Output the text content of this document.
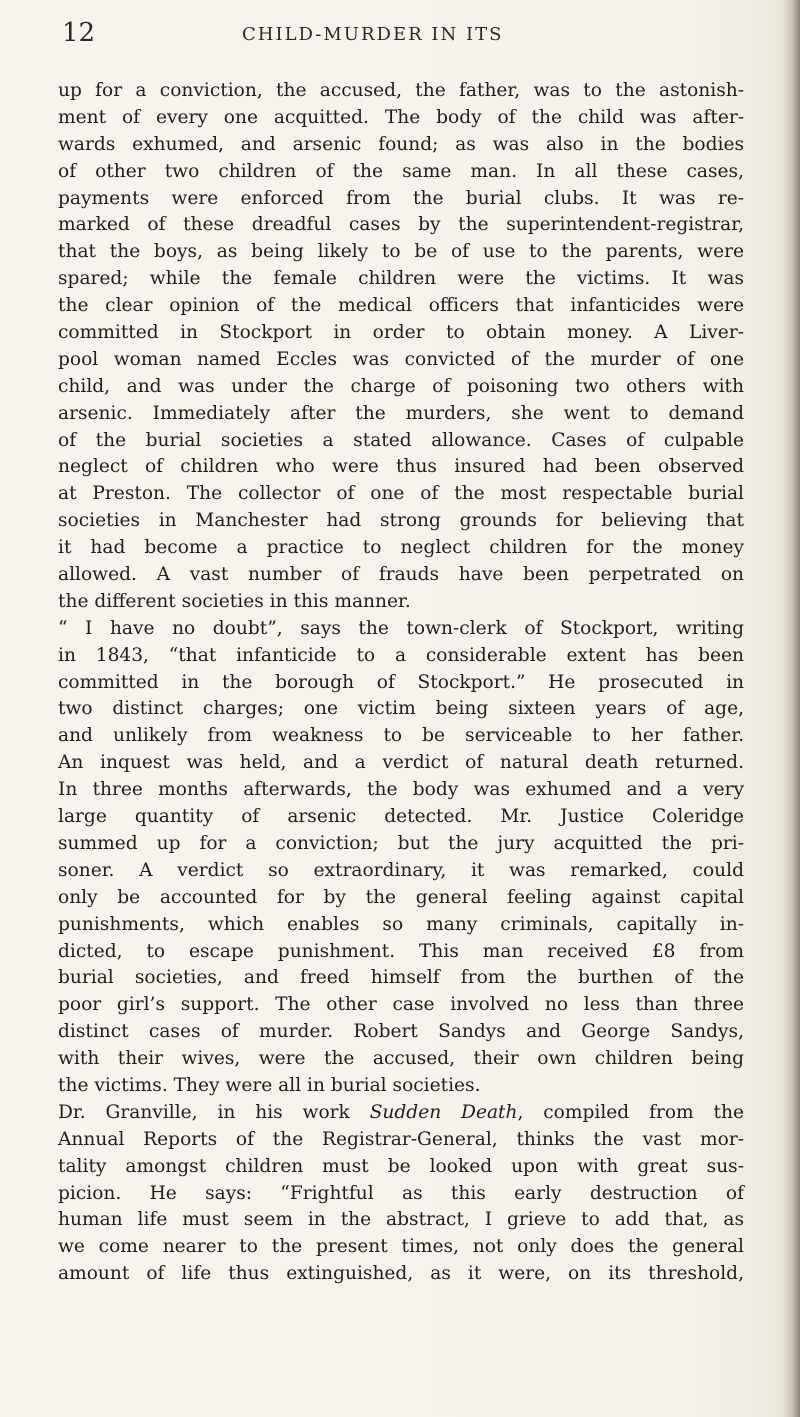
12	CHILD-MURDER IN ITS
up for a conviction, the accused, the father, was to the astonish-
ment of every one acquitted. The body of the child was after-
wards exhumed, and arsenic found; as was also in the bodies
of other two children of the same man. In all these cases,
payments were enforced from the burial clubs. It was re-
marked of these dreadful cases by the superintendent-registrar,
that the boys, as being likely to be of use to the parents, were
spared; while the female children were the victims. It was
the clear opinion of the medical officers that infanticides were
committed in Stockport in order to obtain money. A Liver-
pool woman named Eccles was convicted of the murder of one
child, and was under the charge of poisoning two others with
arsenic. Immediately after the murders, she went to demand
of the burial societies a stated allowance. Cases of culpable
neglect of children who were thus insured had been observed
at Preston. The collector of one of the most respectable burial
societies in Manchester had strong grounds for believing that
it had become a practice to neglect children for the money
allowed. A vast number of frauds have been perpetrated on
the different societies in this manner.
“ I have no doubt”, says the town-clerk of Stockport, writing
in 1843, “that infanticide to a considerable extent has been
committed in the borough of Stockport.” He prosecuted in
two distinct charges; one victim being sixteen years of age,
and unlikely from weakness to be serviceable to her father.
An inquest was held, and a verdict of natural death returned.
In three months afterwards, the body was exhumed and a very
large quantity of arsenic detected. Mr. Justice Coleridge
summed up for a conviction; but the jury acquitted the pri-
soner. A verdict so extraordinary, it was remarked, could
only be accounted for by the general feeling against capital
punishments, which enables so many criminals, capitally in-
dicted, to escape punishment. This man received £8 from
burial societies, and freed himself from the burthen of the
poor girl’s support. The other case involved no less than three
distinct cases of murder. Robert Sandys and George Sandys,
with their wives, were the accused, their own children being
the victims. They were all in burial societies.
Dr. Granville, in his work Sudden Death, compiled from the
Annual Reports of the Registrar-General, thinks the vast mor-
tality amongst children must be looked upon with great sus-
picion. He says: “Frightful as this early destruction of
human life must seem in the abstract, I grieve to add that, as
we come nearer to the present times, not only does the general
amount of life thus extinguished, as it were, on its threshold,
